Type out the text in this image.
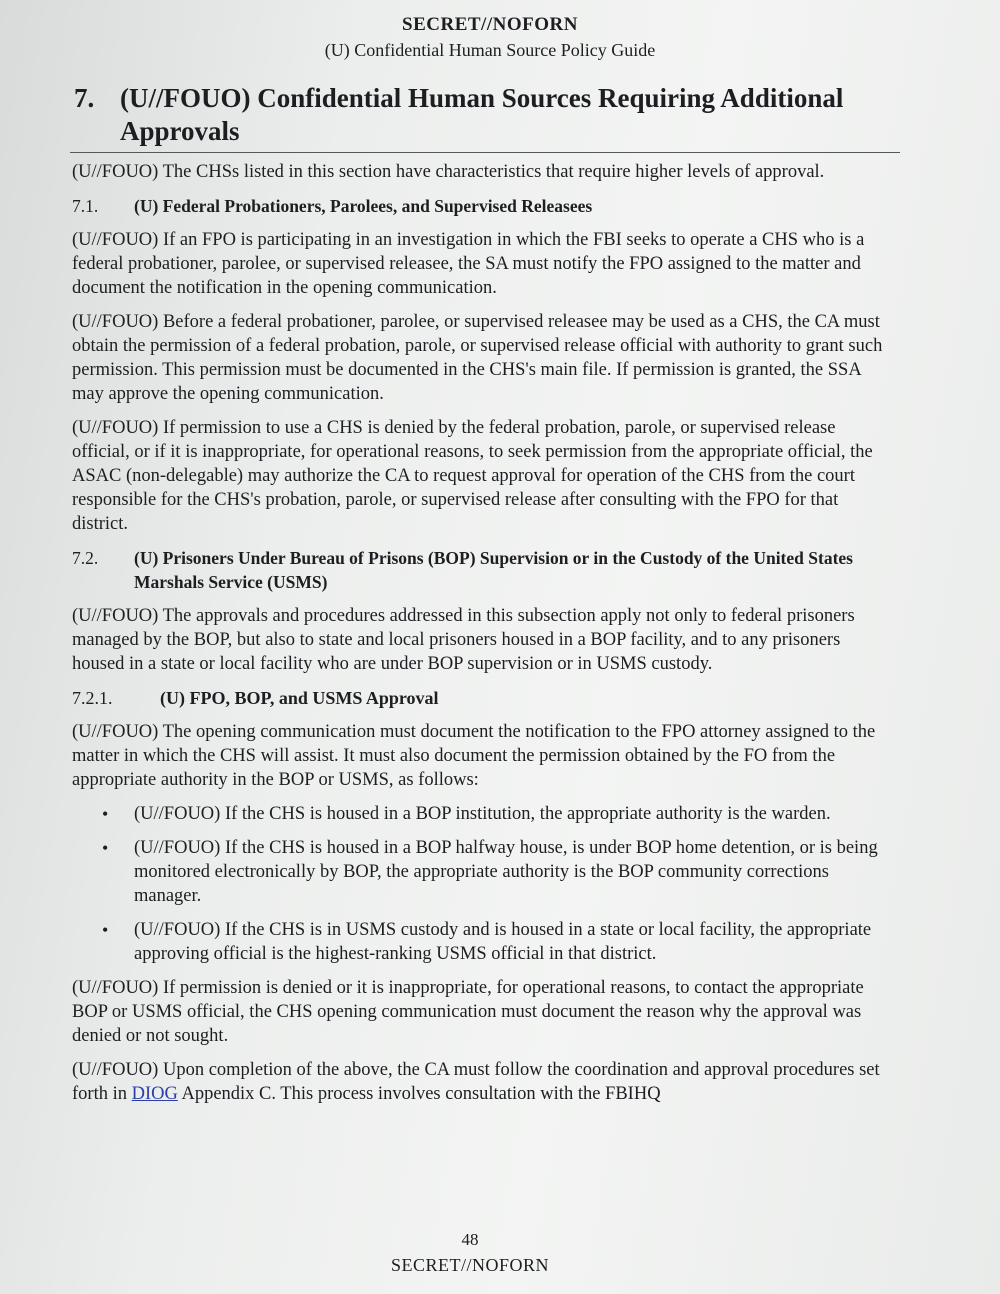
SECRET//NOFORN
(U) Confidential Human Source Policy Guide
7. (U//FOUO) Confidential Human Sources Requiring Additional Approvals

(U//FOUO) The CHSs listed in this section have characteristics that require higher levels of approval.

7.1. (U) Federal Probationers, Parolees, and Supervised Releasees

(U//FOUO) If an FPO is participating in an investigation in which the FBI seeks to operate a CHS who is a federal probationer, parolee, or supervised releasee, the SA must notify the FPO assigned to the matter and document the notification in the opening communication.

(U//FOUO) Before a federal probationer, parolee, or supervised releasee may be used as a CHS, the CA must obtain the permission of a federal probation, parole, or supervised release official with authority to grant such permission. This permission must be documented in the CHS's main file. If permission is granted, the SSA may approve the opening communication.

(U//FOUO) If permission to use a CHS is denied by the federal probation, parole, or supervised release official, or if it is inappropriate, for operational reasons, to seek permission from the appropriate official, the ASAC (non-delegable) may authorize the CA to request approval for operation of the CHS from the court responsible for the CHS's probation, parole, or supervised release after consulting with the FPO for that district.

7.2. (U) Prisoners Under Bureau of Prisons (BOP) Supervision or in the Custody of the United States Marshals Service (USMS)

(U//FOUO) The approvals and procedures addressed in this subsection apply not only to federal prisoners managed by the BOP, but also to state and local prisoners housed in a BOP facility, and to any prisoners housed in a state or local facility who are under BOP supervision or in USMS custody.

7.2.1.	(U) FPO, BOP, and USMS Approval

(U//FOUO) The opening communication must document the notification to the FPO attorney assigned to the matter in which the CHS will assist. It must also document the permission obtained by the FO from the appropriate authority in the BOP or USMS, as follows:

• (U//FOUO) If the CHS is housed in a BOP institution, the appropriate authority is the warden.
• (U//FOUO) If the CHS is housed in a BOP halfway house, is under BOP home detention, or is being monitored electronically by BOP, the appropriate authority is the BOP community corrections manager.
• (U//FOUO) If the CHS is in USMS custody and is housed in a state or local facility, the appropriate approving official is the highest-ranking USMS official in that district.

(U//FOUO) If permission is denied or it is inappropriate, for operational reasons, to contact the appropriate BOP or USMS official, the CHS opening communication must document the reason why the approval was denied or not sought.

(U//FOUO) Upon completion of the above, the CA must follow the coordination and approval procedures set forth in DIOG Appendix C. This process involves consultation with the FBIHQ

48
SECRET//NOFORN
